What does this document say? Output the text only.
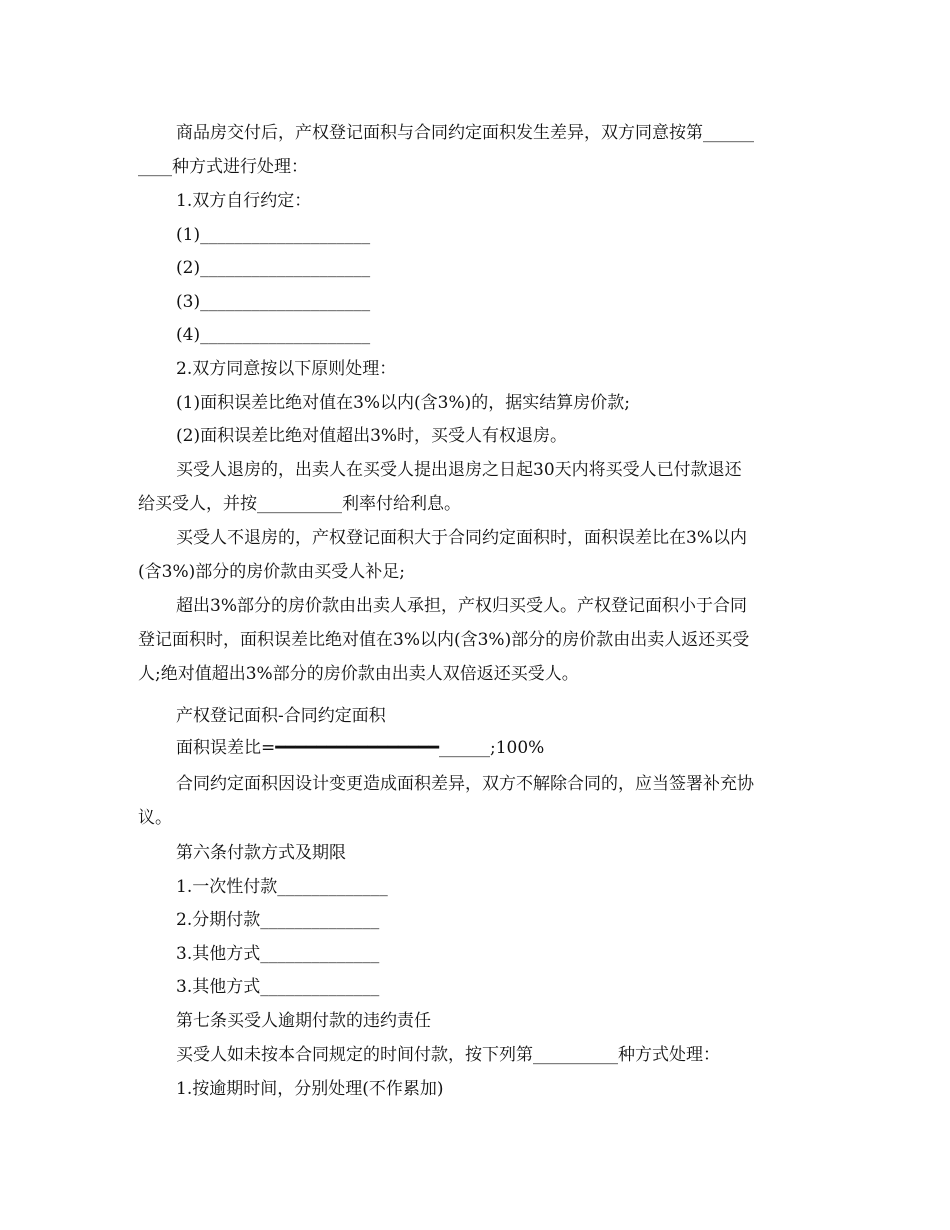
商品房交付后，产权登记面积与合同约定面积发生差异，双方同意按第______
____种方式进行处理：
1.双方自行约定：
(1)____________________
(2)____________________
(3)____________________
(4)____________________
2.双方同意按以下原则处理：
(1)面积误差比绝对值在3%以内(含3%)的，据实结算房价款;
(2)面积误差比绝对值超出3%时，买受人有权退房。
买受人退房的，出卖人在买受人提出退房之日起30天内将买受人已付款退还
给买受人，并按__________利率付给利息。
买受人不退房的，产权登记面积大于合同约定面积时，面积误差比在3%以内
(含3%)部分的房价款由买受人补足;
超出3%部分的房价款由出卖人承担，产权归买受人。产权登记面积小于合同
登记面积时，面积误差比绝对值在3%以内(含3%)部分的房价款由出卖人返还买受
人;绝对值超出3%部分的房价款由出卖人双倍返还买受人。
产权登记面积-合同约定面积
面积误差比=━━━━━━━━━━━━━━━━______;100%
合同约定面积因设计变更造成面积差异，双方不解除合同的，应当签署补充协
议。
第六条付款方式及期限
1.一次性付款_____________
2.分期付款______________
3.其他方式______________
3.其他方式______________
第七条买受人逾期付款的违约责任
买受人如未按本合同规定的时间付款，按下列第__________种方式处理：
1.按逾期时间，分别处理(不作累加)
